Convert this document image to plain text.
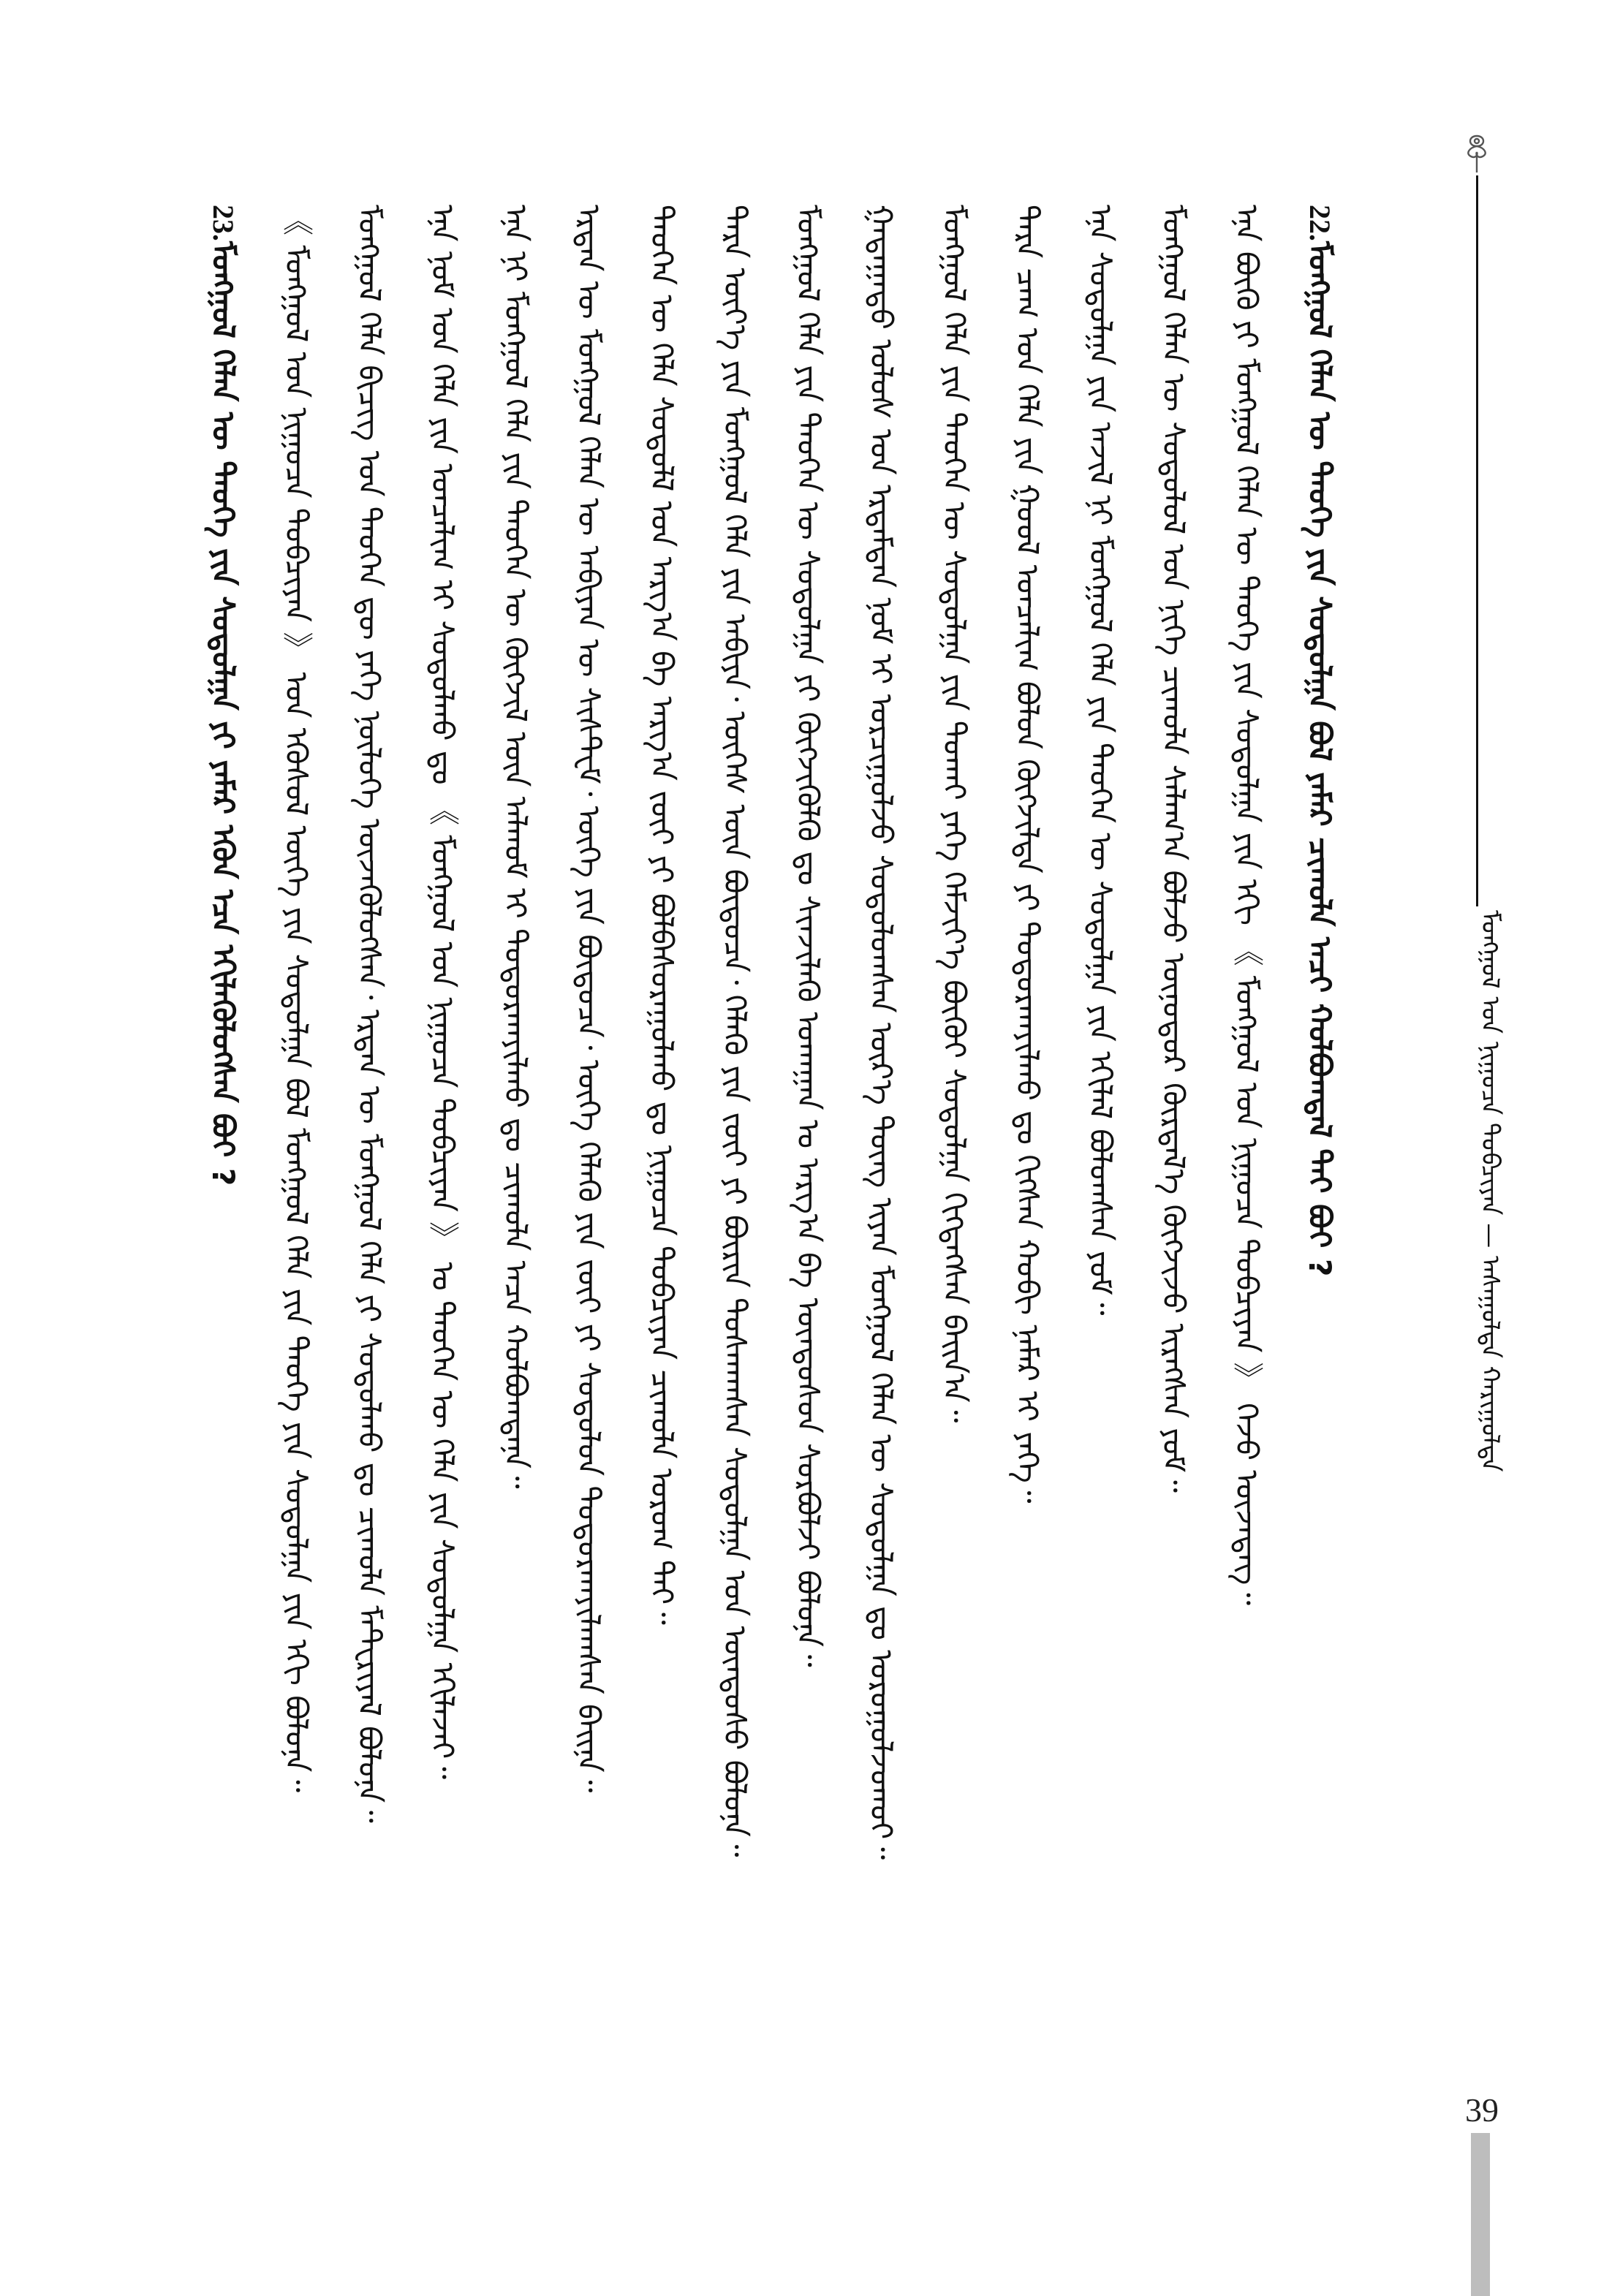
ᠮᠣᠩᠭᠣᠯ ᠤᠨ ᠨᠢᠭᠤᠴᠠ ᠲᠣᠪᠴᠢᠶᠠᠨ — ᠠᠰᠠᠭᠤᠯᠲᠠ ᠬᠠᠷᠢᠭᠤᠯᠲᠠ
23.ᠮᠣᠩᠭᠣᠯ ᠬᠡᠯᠡᠨ ᠦ ᠲᠡᠦᠬᠡ ᠶᠢᠨ ᠰᠣᠳᠤᠯᠭᠠ ᠶᠢ ᠶᠠᠮᠠᠷ ᠡᠭᠦᠨ ᠡᠴᠡ ᠡᠬᠢᠯᠡᠭᠦᠯᠦᠭᠰᠡᠨ ᠪᠤᠢ ?	《 ᠮᠣᠩᠭᠣᠯ ᠤᠨ ᠨᠢᠭᠤᠴᠠ ᠲᠣᠪᠴᠢᠶᠠᠨ 》 ᠤᠨ ᠡᠭᠦᠰᠦᠯ ᠦᠭᠡ ᠶᠢᠨ ᠰᠣᠳᠤᠯᠭᠠ ᠪᠣᠯ ᠮᠣᠩᠭᠣᠯ ᠬᠡᠯᠡ ᠶᠢᠨ ᠲᠡᠦᠬᠡ ᠶᠢᠨ ᠰᠣᠳᠤᠯᠭᠠ ᠶᠢᠨ ᠡᠬᠢ ᠪᠣᠯᠤᠨᠠ᠃	ᠮᠣᠩᠭᠣᠯ ᠬᠡᠯᠡ ᠪᠢᠴᠢᠭ ᠤᠨ ᠲᠡᠦᠬᠡᠨ ᠳᠦ ᠶᠡᠬᠡ ᠨᠥᠯᠦᠭᠡ ᠦᠵᠡᠭᠦᠯᠦᠭᠰᠡᠨ᠂ ᠡᠷᠲᠡᠨ ᠦ ᠮᠣᠩᠭᠣᠯ ᠬᠡᠯᠡ ᠶᠢ ᠰᠤᠳᠤᠯᠬᠤ ᠳᠤ ᠴᠢᠬᠤᠯᠠ ᠮᠠᠲᠧᠷᠢᠶᠠᠯ ᠪᠣᠯᠤᠨᠠ᠃	ᠡᠨᠡ ᠨᠣᠮ ᠤᠨ ᠬᠡᠯᠡ ᠶᠢᠨ ᠣᠨᠴᠠᠯᠢᠭ ᠢ ᠰᠤᠳᠤᠯᠬᠤ ᠳᠤ 《 ᠮᠣᠩᠭᠣᠯ ᠤᠨ ᠨᠢᠭᠤᠴᠠ ᠲᠣᠪᠴᠢᠶᠠᠨ 》 ᠤ ᠲᠡᠦᠬᠡᠨ ᠦ ᠬᠡᠯᠡ ᠶᠢᠨ ᠰᠣᠳᠤᠯᠭᠠ ᠡᠬᠢᠯᠡᠵᠡᠢ᠃	ᠡᠨᠡ ᠨᠢ ᠮᠣᠩᠭᠣᠯ ᠬᠡᠯᠡ ᠶᠢᠨ ᠲᠡᠦᠬᠡᠨ ᠦ ᠬᠦᠭᠵᠢᠯ ᠦᠨ ᠠᠯᠬᠤᠮ ᠢ ᠲᠣᠳᠤᠷᠬᠠᠶᠢᠯᠬᠤ ᠳᠤ ᠴᠢᠬᠤᠯᠠ ᠠᠴᠠ ᠬᠣᠯᠪᠣᠭᠳᠠᠨᠠ᠃	ᠡᠷᠲᠡᠨ ᠦ ᠮᠣᠩᠭᠣᠯ ᠬᠡᠯᠡᠨ ᠦ ᠠᠪᠢᠶᠠᠨ ᠦ ᠰᠢᠰᠲᠧᠮ᠂ ᠦᠭᠡ ᠶᠢᠨ ᠪᠦᠲᠦᠴᠡ᠂ ᠦᠭᠡ ᠬᠡᠯᠡᠬᠦ ᠶᠢᠨ ᠵᠦᠢ ᠶᠢ ᠰᠤᠳᠤᠯᠤᠨ ᠲᠣᠳᠤᠷᠬᠠᠶᠢᠯᠠᠭᠰᠠᠨ ᠪᠠᠢᠨᠠ᠃	ᠲᠡᠦᠬᠡᠨ ᠦ ᠬᠡᠯᠡ ᠰᠤᠳᠤᠯᠯ ᠤᠨ ᠠᠷᠭ᠎ᠠ ᠪᠠ ᠠᠷᠭ᠎ᠠ ᠵᠦᠢ ᠶᠢ ᠪᠣᠯᠪᠠᠰᠤᠷᠠᠭᠤᠯᠬᠤ ᠳᠤ ᠨᠢᠭᠤᠴᠠ ᠲᠣᠪᠴᠢᠶᠠᠨ ᠴᠢᠬᠤᠯᠠ ᠤᠷᠤᠭ ᠲᠠᠢ᠃	ᠲᠡᠷᠡ ᠦᠶ᠎ᠡ ᠶᠢᠨ ᠮᠣᠩᠭᠣᠯ ᠬᠡᠯᠡ ᠶᠢᠨ ᠠᠪᠢᠶᠠ᠂ ᠦᠭᠡᠰ ᠦᠨ ᠪᠦᠲᠦᠴᠡ᠂ ᠬᠡᠯᠡᠬᠦ ᠶᠢᠨ ᠵᠦᠢ ᠶᠢ ᠪᠦᠷᠢᠨ ᠲᠤᠰᠬᠠᠭᠰᠠᠨ ᠰᠣᠳᠤᠯᠭᠠ ᠤᠨ ᠦᠨᠳᠦᠰᠦ ᠪᠣᠯᠤᠨᠠ᠃	ᠮᠣᠩᠭᠣᠯ ᠬᠡᠯᠡ ᠶᠢᠨ ᠲᠡᠦᠬᠡᠨ ᠦ ᠰᠣᠳᠤᠯᠭᠠ ᠶᠢ ᠬᠥᠭᠵᠢᠭᠦᠯᠬᠦ ᠳᠤ ᠰᠢᠨᠵᠢᠯᠡᠬᠦ ᠤᠬᠠᠭᠠᠨ ᠤ ᠠᠷᠭ᠎ᠠ ᠪᠠ ᠦᠨᠳᠦᠰᠦᠨ ᠰᠤᠷᠪᠤᠯᠵᠢ ᠪᠣᠯᠤᠨᠠ᠃	ᠭᠠᠳᠠᠭᠠᠳᠤ ᠤᠯᠤᠰ ᠤᠨ ᠡᠷᠳᠡᠮᠳᠡᠨ ᠨᠣᠮ ᠢ ᠣᠷᠴᠢᠭᠤᠯᠵᠤ ᠰᠤᠳᠤᠯᠤᠭᠰᠠᠨ ᠦᠷ᠎ᠡ ᠳᠦᠩ ᠢᠶᠡᠨ ᠮᠣᠩᠭᠣᠯ ᠬᠡᠯᠡᠨ ᠦ ᠰᠣᠳᠤᠯᠭᠠ ᠳᠤ ᠣᠷᠤᠭᠤᠯᠵᠤᠬᠤᠢ᠃	ᠮᠣᠩᠭᠣᠯ ᠬᠡᠯᠡ ᠶᠢᠨ ᠲᠡᠦᠬᠡᠨ ᠦ ᠰᠣᠳᠤᠯᠭᠠ ᠶᠢᠨ ᠲᠤᠬᠠᠢ ᠶᠡᠬᠡ ᠬᠡᠮᠵᠢᠶ᠎ᠡ ᠪᠦᠬᠦᠢ ᠰᠣᠳᠤᠯᠭᠠ ᠬᠢᠭᠳᠡᠭᠰᠡᠨ ᠪᠠᠢᠨ᠎ᠠ᠃	ᠲᠡᠷᠡ ᠴᠠᠭ ᠤᠨ ᠬᠡᠯᠡ ᠶᠢᠨ ᠭᠤᠤᠯ ᠣᠨᠴᠠᠯᠢᠭ ᠪᠣᠯᠤᠨ ᠬᠥᠭᠵᠢᠯᠲᠡ ᠶᠢ ᠲᠣᠳᠤᠷᠬᠠᠶᠢᠯᠬᠤ ᠳᠤ ᠬᠢᠭᠰᠡᠨ ᠬᠤᠪᠢ ᠨᠡᠮᠡᠷ ᠢ ᠶᠡᠬᠡ᠃	ᠡᠨᠡ ᠰᠣᠳᠤᠯᠭᠠ ᠶᠢᠨ ᠠᠵᠢᠯ ᠨᠢ ᠮᠣᠩᠭᠣᠯ ᠬᠡᠯᠡ ᠶᠢᠨ ᠲᠡᠦᠬᠡᠨ ᠦ ᠰᠣᠳᠤᠯᠭᠠ ᠶᠢᠨ ᠡᠬᠢᠯᠡᠯ ᠪᠣᠯᠤᠭᠰᠠᠨ ᠶᠤᠮ᠃	ᠮᠣᠩᠭᠣᠯ ᠬᠡᠯᠡᠨ ᠦ ᠰᠤᠳᠤᠯᠤᠯ ᠤᠨ ᠨᠢᠭᠡ ᠴᠢᠬᠤᠯᠠ ᠰᠠᠯᠠᠭ᠎ᠠ ᠪᠣᠯᠵᠤ ᠥᠨᠥᠳᠦᠷ ᠬᠦᠷᠲᠡᠯ᠎ᠡ ᠬᠥᠭᠵᠢᠵᠦ ᠢᠷᠡᠭᠰᠡᠨ ᠶᠤᠮ᠃	ᠡᠨᠡ ᠪᠦᠬᠦ ᠶᠢ ᠮᠣᠩᠭᠣᠯ ᠬᠡᠯᠡᠨ ᠦ ᠲᠡᠦᠬᠡ ᠶᠢᠨ ᠰᠣᠳᠤᠯᠭᠠ ᠶᠢᠨ ᠡᠬᠢ 《 ᠮᠣᠩᠭᠣᠯ ᠤᠨ ᠨᠢᠭᠤᠴᠠ ᠲᠣᠪᠴᠢᠶᠠᠨ 》 ᠭᠡᠵᠦ ᠦᠵᠡᠳᠡᠭ᠃	22.ᠮᠣᠩᠭᠣᠯ ᠬᠡᠯᠡᠨ ᠦ ᠲᠡᠦᠬᠡ ᠶᠢᠨ ᠰᠣᠳᠤᠯᠭᠠ ᠪᠣᠯ ᠶᠠᠮᠠᠷ ᠴᠢᠬᠤᠯᠠ ᠠᠴᠢ ᠬᠣᠯᠪᠣᠭᠳᠠᠯ ᠲᠠᠢ ᠪᠤᠢ ?
39
